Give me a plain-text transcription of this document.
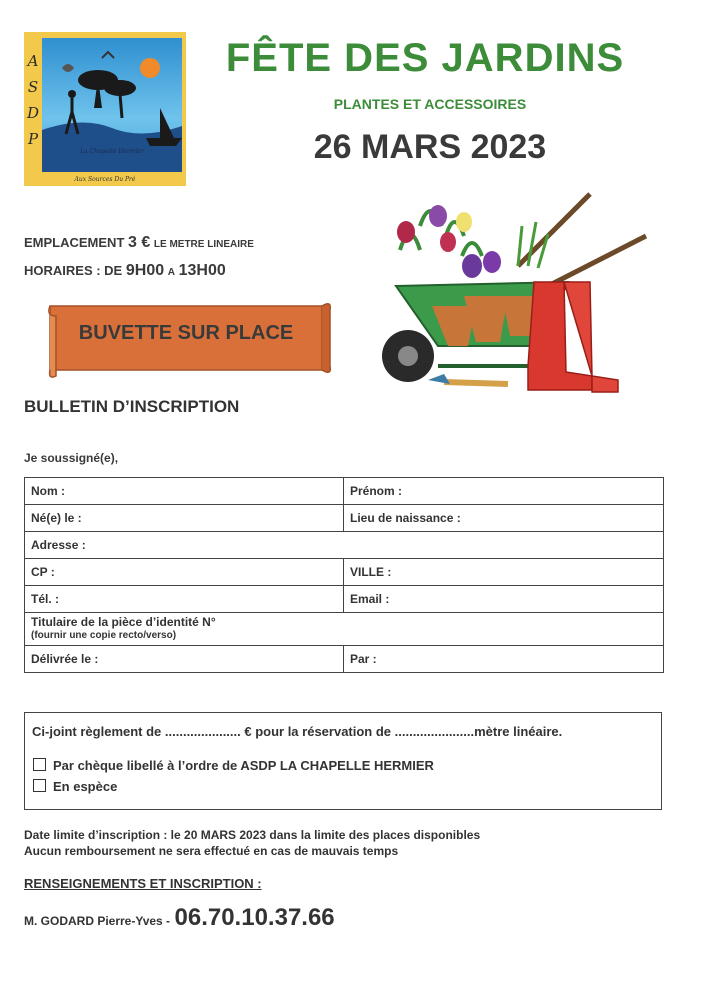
A
S
D
P
La Chapelle Hermier
Aux Sources Du Pré
FÊTE DES JARDINS
PLANTES ET ACCESSOIRES
26 MARS 2023
EMPLACEMENT 3 € LE METRE LINEAIRE
HORAIRES : DE 9H00 A 13H00
BUVETTE SUR PLACE
BULLETIN D’INSCRIPTION
Je soussigné(e),
Nom :	Prénom :
Né(e) le :	Lieu de naissance :
Adresse :	
CP :	VILLE :
Tél. :	Email :

Titulaire de la pièce d’identité N°
(fournir une copie recto/verso)	

Délivrée le :	Par :
Ci-joint règlement de ..................... € pour la réservation de ......................mètre linéaire.
Par chèque libellé à l’ordre de ASDP LA CHAPELLE HERMIER
En espèce
Date limite d’inscription : le 20 MARS 2023 dans la limite des places disponibles
Aucun remboursement ne sera effectué en cas de mauvais temps
RENSEIGNEMENTS ET INSCRIPTION :
M. GODARD Pierre-Yves - 06.70.10.37.66
